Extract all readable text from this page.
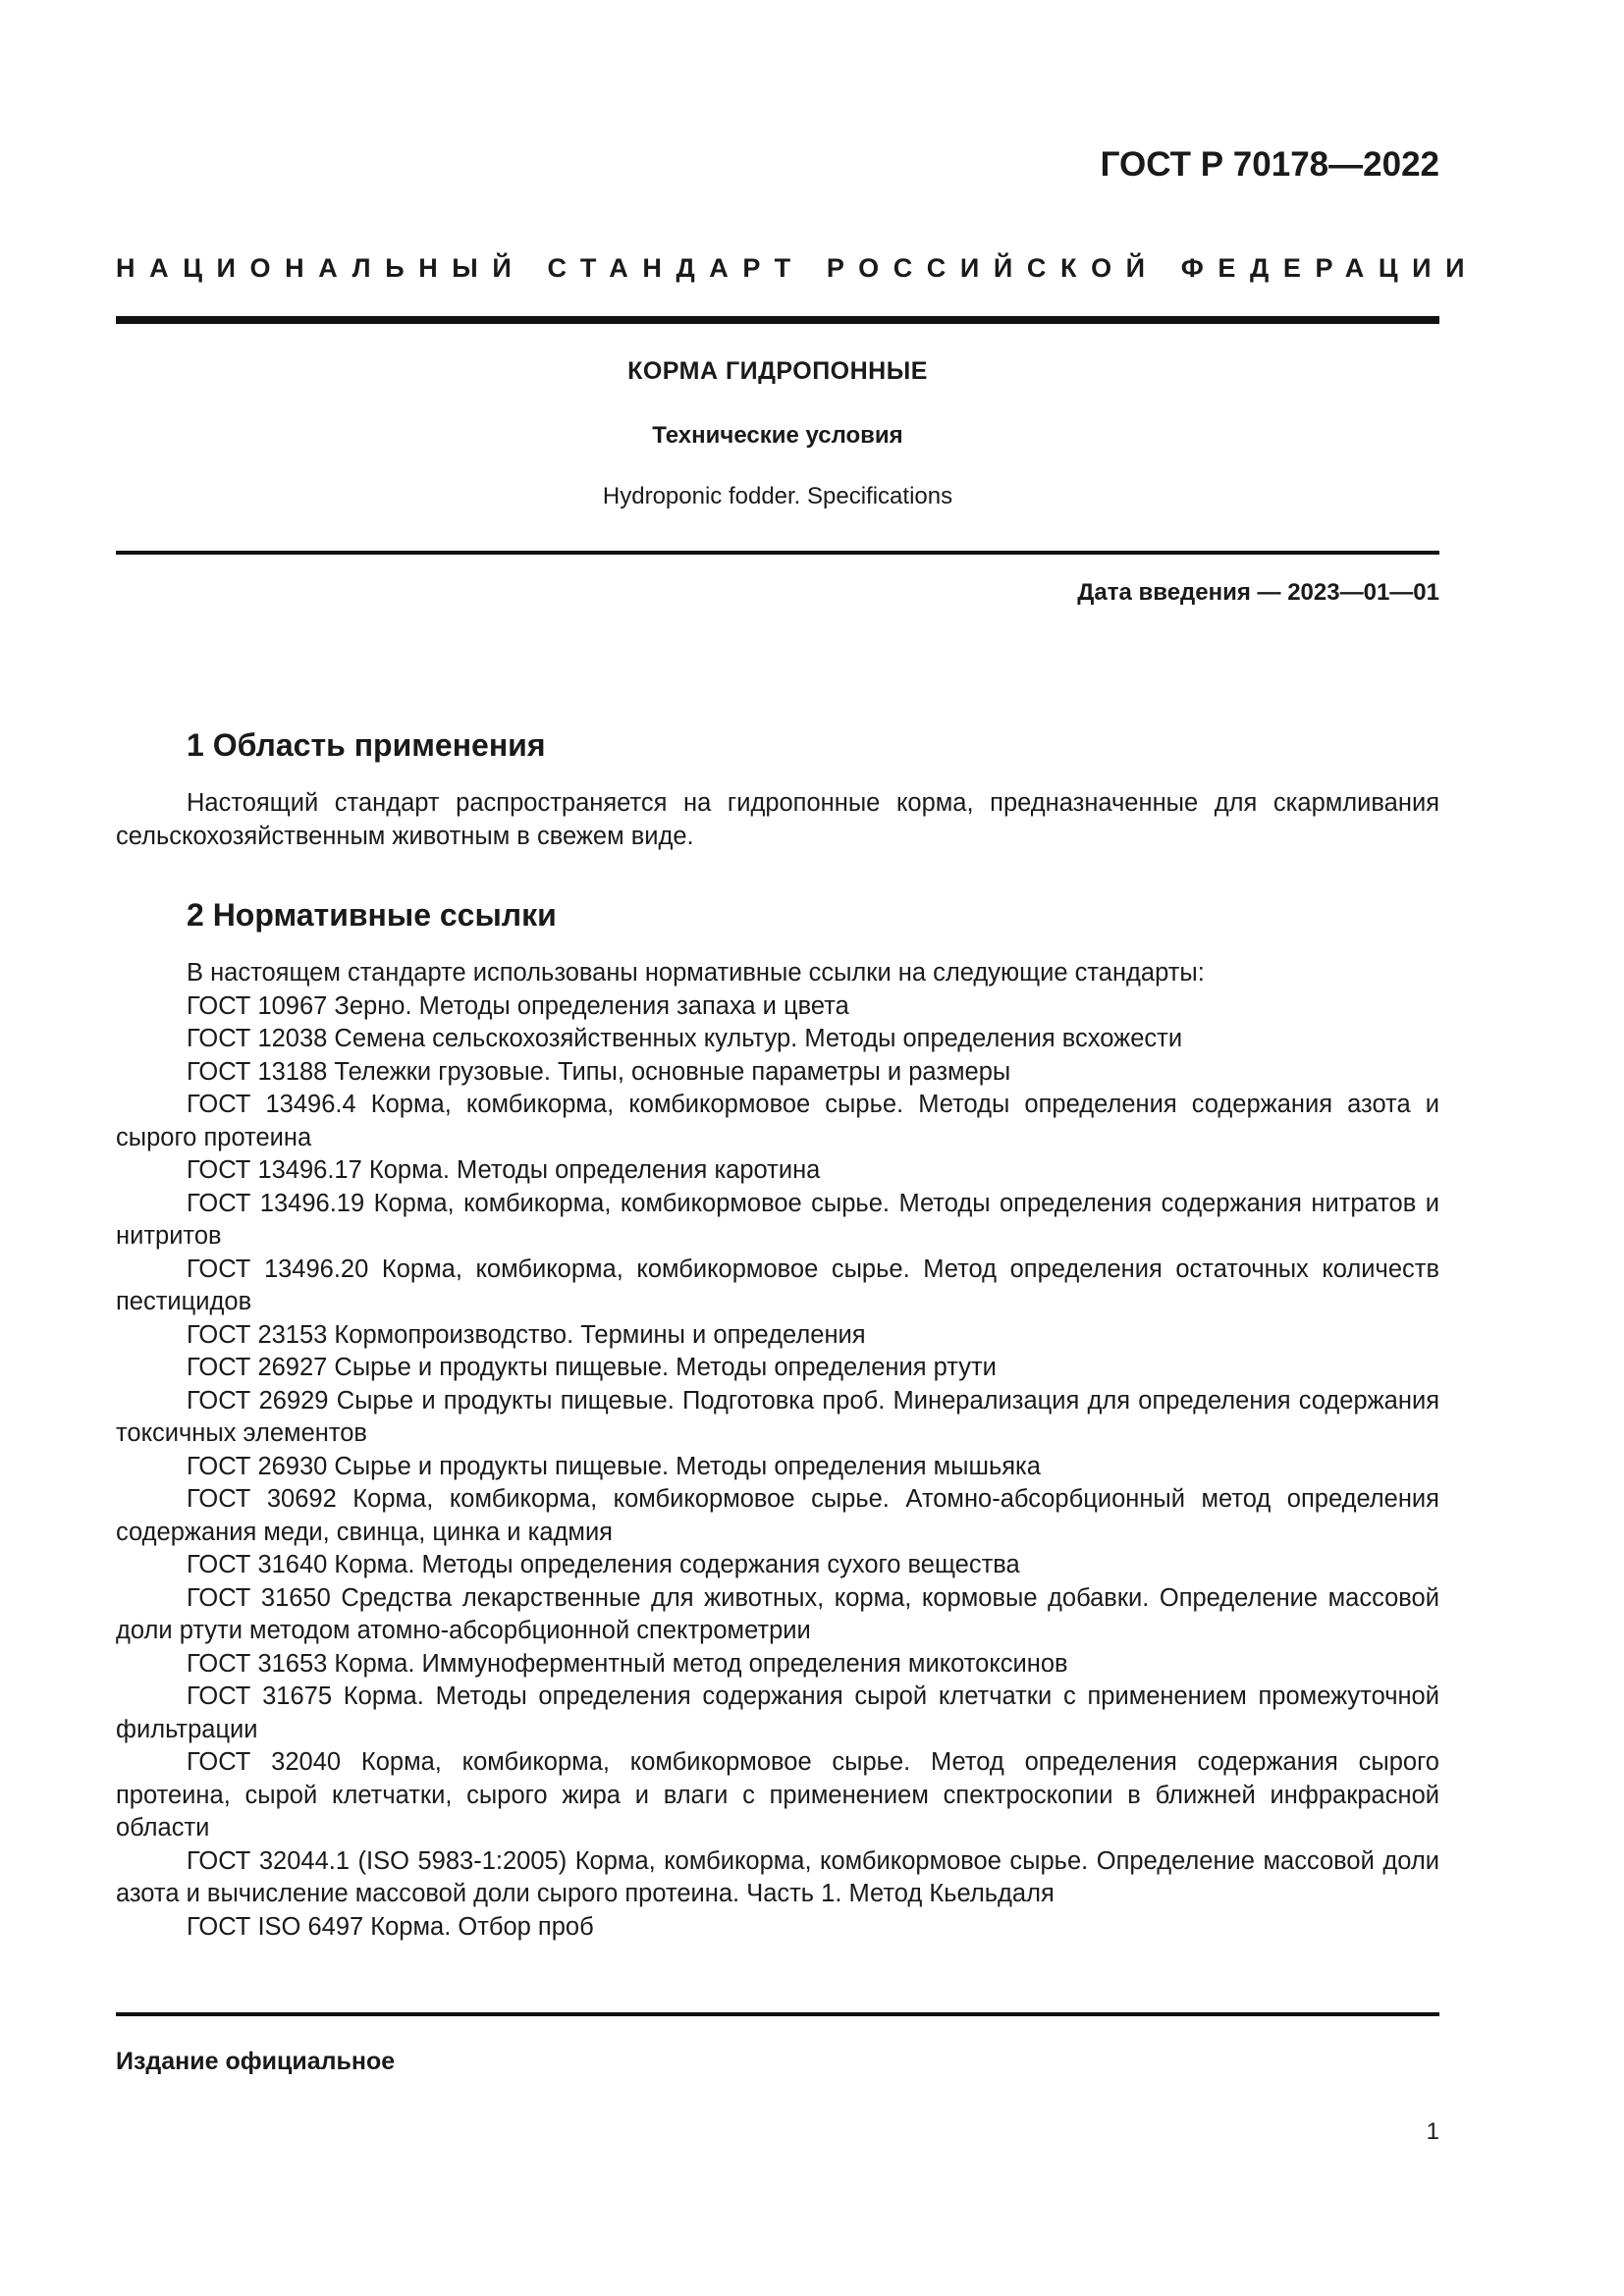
ГОСТ Р 70178—2022
НАЦИОНАЛЬНЫЙ СТАНДАРТ РОССИЙСКОЙ ФЕДЕРАЦИИ
КОРМА ГИДРОПОННЫЕ
Технические условия
Hydroponic fodder. Specifications
Дата введения — 2023—01—01
1 Область применения

Настоящий стандарт распространяется на гидропонные корма, предназначенные для скармливания сельскохозяйственным животным в свежем виде.

2 Нормативные ссылки

В настоящем стандарте использованы нормативные ссылки на следующие стандарты:

ГОСТ 10967 Зерно. Методы определения запаха и цвета

ГОСТ 12038 Семена сельскохозяйственных культур. Методы определения всхожести

ГОСТ 13188 Тележки грузовые. Типы, основные параметры и размеры

ГОСТ 13496.4 Корма, комбикорма, комбикормовое сырье. Методы определения содержания азота и сырого протеина

ГОСТ 13496.17 Корма. Методы определения каротина

ГОСТ 13496.19 Корма, комбикорма, комбикормовое сырье. Методы определения содержания нитратов и нитритов

ГОСТ 13496.20 Корма, комбикорма, комбикормовое сырье. Метод определения остаточных количеств пестицидов

ГОСТ 23153 Кормопроизводство. Термины и определения

ГОСТ 26927 Сырье и продукты пищевые. Методы определения ртути

ГОСТ 26929 Сырье и продукты пищевые. Подготовка проб. Минерализация для определения содержания токсичных элементов

ГОСТ 26930 Сырье и продукты пищевые. Методы определения мышьяка

ГОСТ 30692 Корма, комбикорма, комбикормовое сырье. Атомно-абсорбционный метод определения содержания меди, свинца, цинка и кадмия

ГОСТ 31640 Корма. Методы определения содержания сухого вещества

ГОСТ 31650 Средства лекарственные для животных, корма, кормовые добавки. Определение массовой доли ртути методом атомно-абсорбционной спектрометрии

ГОСТ 31653 Корма. Иммуноферментный метод определения микотоксинов

ГОСТ 31675 Корма. Методы определения содержания сырой клетчатки с применением промежуточной фильтрации

ГОСТ 32040 Корма, комбикорма, комбикормовое сырье. Метод определения содержания сырого протеина, сырой клетчатки, сырого жира и влаги с применением спектроскопии в ближней инфракрасной области

ГОСТ 32044.1 (ISO 5983-1:2005) Корма, комбикорма, комбикормовое сырье. Определение массовой доли азота и вычисление массовой доли сырого протеина. Часть 1. Метод Кьельдаля

ГОСТ ISO 6497 Корма. Отбор проб

Издание официальное
1
